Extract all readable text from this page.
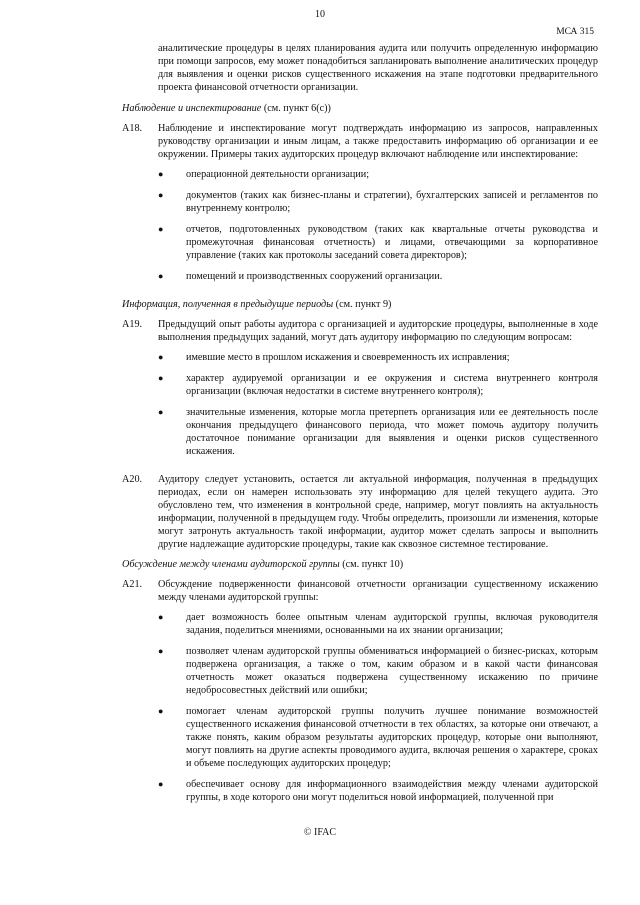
10
МСА 315

аналитические процедуры в целях планирования аудита или получить определенную информацию при помощи запросов, ему может понадобиться запланировать выполнение аналитических процедур для выявления и оценки рисков существенного искажения на этапе подготовки предварительного проекта финансовой отчетности организации.

Наблюдение и инспектирование (см. пункт 6(c))

A18.	Наблюдение и инспектирование могут подтверждать информацию из запросов, направленных руководству организации и иным лицам, а также предоставить информацию об организации и ее окружении. Примеры таких аудиторских процедур включают наблюдение или инспектирование:

●	операционной деятельности организации;
●	документов (таких как бизнес-планы и стратегии), бухгалтерских записей и регламентов по внутреннему контролю;
●	отчетов, подготовленных руководством (таких как квартальные отчеты руководства и промежуточная финансовая отчетность) и лицами, отвечающими за корпоративное управление (таких как протоколы заседаний совета директоров);
●	помещений и производственных сооружений организации.

Информация, полученная в предыдущие периоды (см. пункт 9)

A19.	Предыдущий опыт работы аудитора с организацией и аудиторские процедуры, выполненные в ходе выполнения предыдущих заданий, могут дать аудитору информацию по следующим вопросам:

●	имевшие место в прошлом искажения и своевременность их исправления;
●	характер аудируемой организации и ее окружения и система внутреннего контроля организации (включая недостатки в системе внутреннего контроля);
●	значительные изменения, которые могла претерпеть организация или ее деятельность после окончания предыдущего финансового периода, что может помочь аудитору получить достаточное понимание организации для выявления и оценки рисков существенного искажения.
A20.	Аудитору следует установить, остается ли актуальной информация, полученная в предыдущих периодах, если он намерен использовать эту информацию для целей текущего аудита. Это обусловлено тем, что изменения в контрольной среде, например, могут повлиять на актуальность информации, полученной в предыдущем году. Чтобы определить, произошли ли изменения, которые могут затронуть актуальность такой информации, аудитор может сделать запросы и выполнить другие надлежащие аудиторские процедуры, такие как сквозное системное тестирование.

Обсуждение между членами аудиторской группы (см. пункт 10)

A21.	Обсуждение подверженности финансовой отчетности организации существенному искажению между членами аудиторской группы:

●	дает возможность более опытным членам аудиторской группы, включая руководителя задания, поделиться мнениями, основанными на их знании организации;
●	позволяет членам аудиторской группы обмениваться информацией о бизнес-рисках, которым подвержена организация, а также о том, каким образом и в какой части финансовая отчетность может оказаться подвержена существенному искажению по причине недобросовестных действий или ошибки;
●	помогает членам аудиторской группы получить лучшее понимание возможностей существенного искажения финансовой отчетности в тех областях, за которые они отвечают, а также понять, каким образом результаты аудиторских процедур, которые они выполняют, могут повлиять на другие аспекты проводимого аудита, включая решения о характере, сроках и объеме последующих аудиторских процедур;
●	обеспечивает основу для информационного взаимодействия между членами аудиторской группы, в ходе которого они могут поделиться новой информацией, полученной при
© IFAC
